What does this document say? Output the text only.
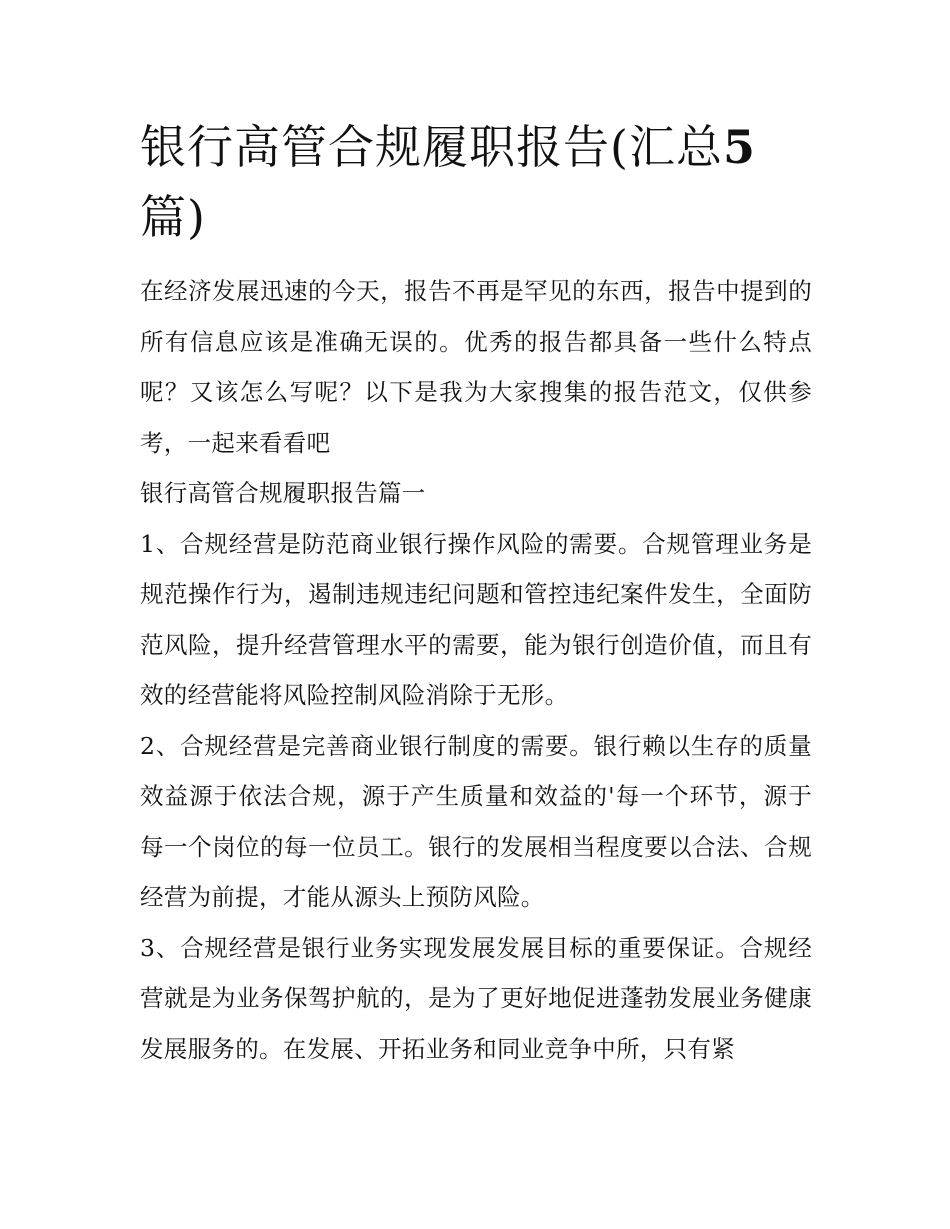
银行高管合规履职报告(汇总5
篇)

在经济发展迅速的今天，报告不再是罕见的东西，报告中提到的所有信息应该是准确无误的。优秀的报告都具备一些什么特点呢？又该怎么写呢？以下是我为大家搜集的报告范文，仅供参考，一起来看看吧

银行高管合规履职报告篇一

1、合规经营是防范商业银行操作风险的需要。合规管理业务是规范操作行为，遏制违规违纪问题和管控违纪案件发生，全面防范风险，提升经营管理水平的需要，能为银行创造价值，而且有效的经营能将风险控制风险消除于无形。

2、合规经营是完善商业银行制度的需要。银行赖以生存的质量效益源于依法合规，源于产生质量和效益的'每一个环节，源于每一个岗位的每一位员工。银行的发展相当程度要以合法、合规经营为前提，才能从源头上预防风险。

3、合规经营是银行业务实现发展发展目标的重要保证。合规经营就是为业务保驾护航的，是为了更好地促进蓬勃发展业务健康发展服务的。在发展、开拓业务和同业竞争中所，只有紧
